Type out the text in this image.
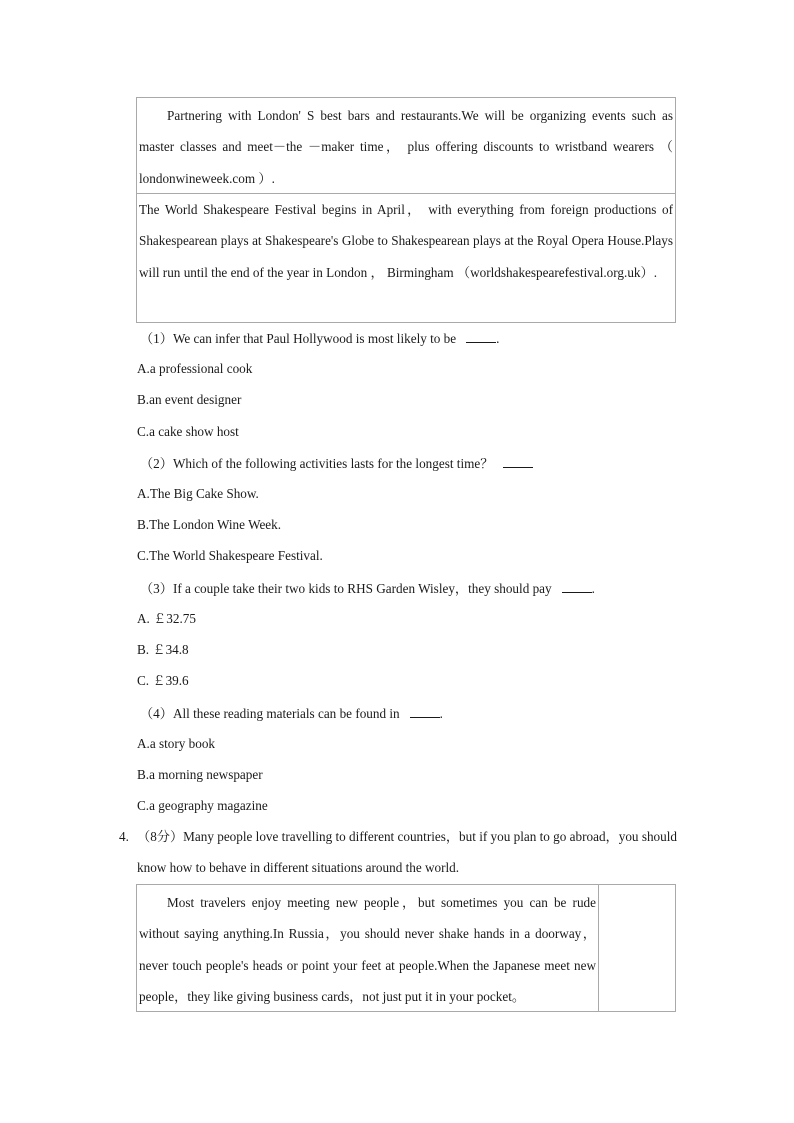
Partnering with London' S best bars and restaurants.We will be organizing events such as master classes and meet－the －maker time， plus offering discounts to wristband wearers （ londonwineweek.com ）.

The World Shakespeare Festival begins in April， with everything from foreign productions of Shakespearean plays at Shakespeare's Globe to Shakespearean plays at the Royal Opera House.Plays will run until the end of the year in London ， Birmingham （worldshakespearefestival.org.uk）.

（1）We can infer that Paul Hollywood is most likely to be	.
A.a professional cook
B.an event designer
C.a cake show host
（2）Which of the following activities lasts for the longest time？
A.The Big Cake Show.
B.The London Wine Week.
C.The World Shakespeare Festival.
（3）If a couple take their two kids to RHS Garden Wisley，they should pay	.
A. ￡32.75
B. ￡34.8
C. ￡39.6
（4）All these reading materials can be found in	.
A.a story book
B.a morning newspaper
C.a geography magazine
4. （8分）Many people love travelling to different countries，but if you plan to go abroad，you should know how to behave in different situations around the world.

Most travelers enjoy meeting new people，but sometimes you can be rude without saying anything.In Russia，you should never shake hands in a doorway，never touch people's heads or point your feet at people.When the Japanese meet new people，they like giving business cards，not just put it in your pocket。
